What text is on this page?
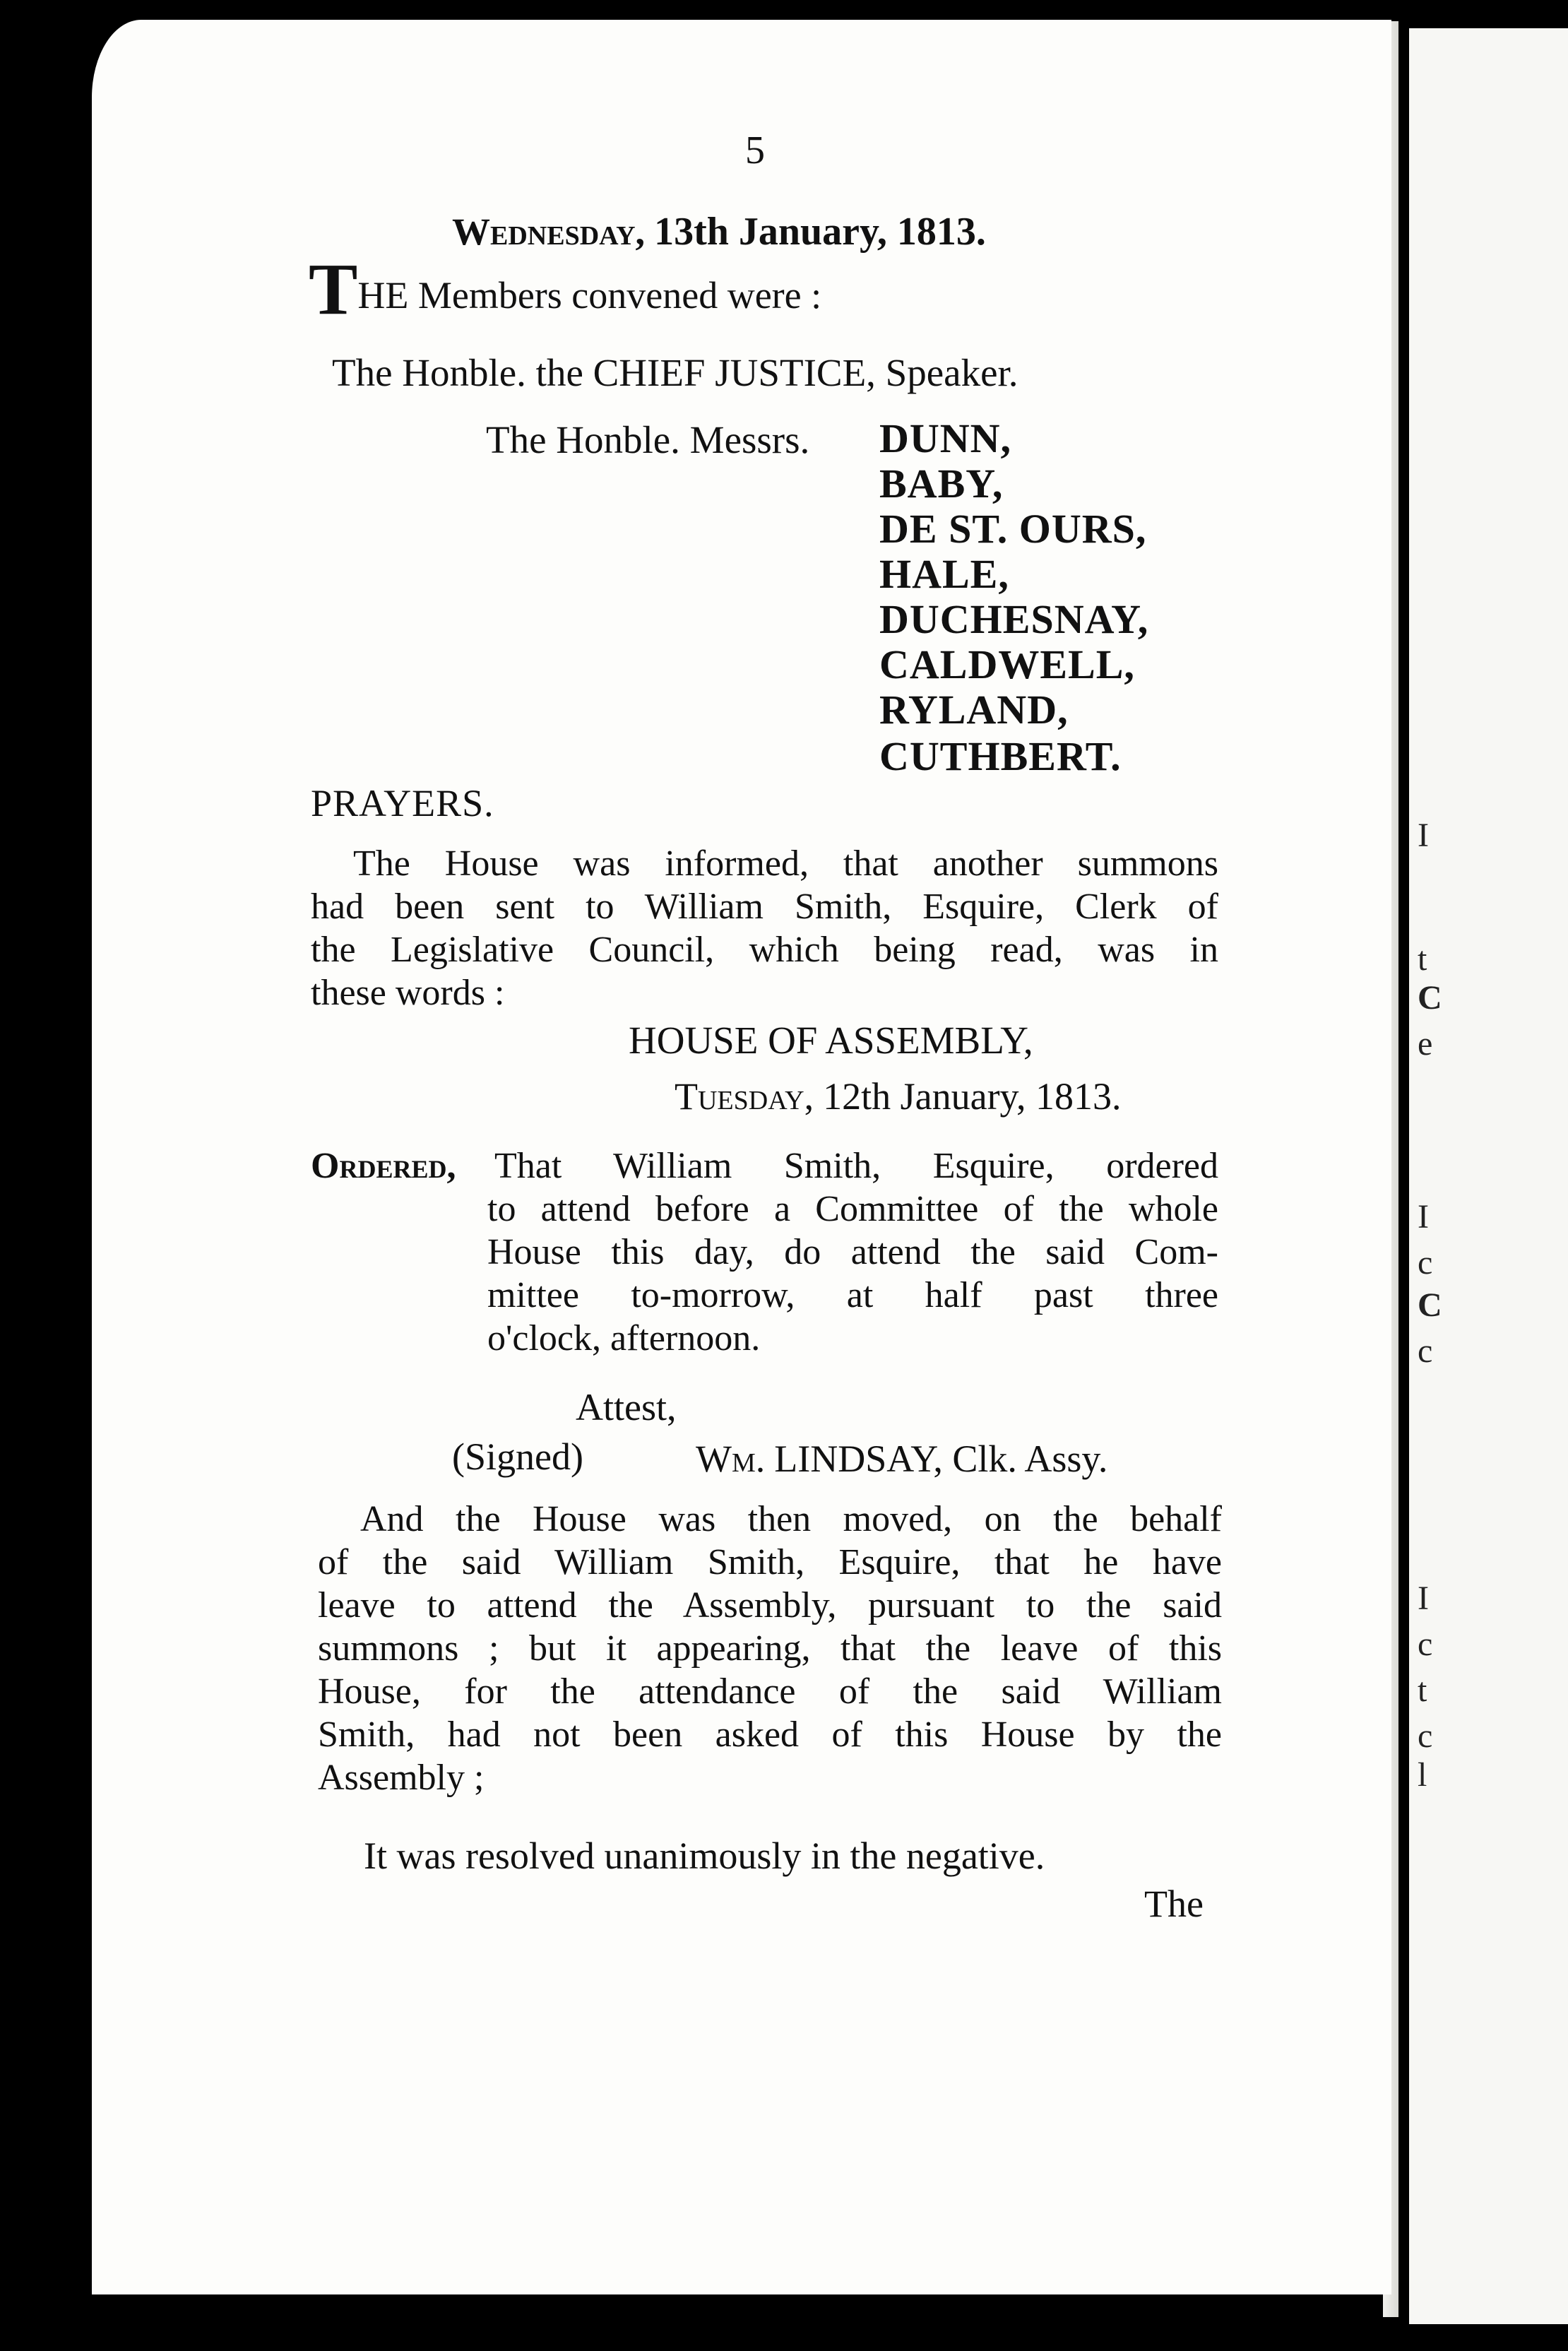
I
t
C
e
I
c
C
c
I
c
t
c
l
5
Wednesday, 13th January, 1813.
THE Members convened were :
The Honble. the CHIEF JUSTICE, Speaker.
The Honble. Messrs. DUNN,
BABY,
DE ST. OURS,
HALE,
DUCHESNAY,
CALDWELL,
RYLAND,
CUTHBERT.
PRAYERS.
The House was informed, that another summons
had been sent to William Smith, Esquire, Clerk of
the Legislative Council, which being read, was in
these words :
HOUSE OF ASSEMBLY,
Tuesday, 12th January, 1813.
Ordered, That William Smith, Esquire, ordered
to attend before a Committee of the whole
House this day, do attend the said Com-
mittee to-morrow, at half past three
o'clock, afternoon.
Attest,
(Signed)	Wm. LINDSAY, Clk. Assy.
And the House was then moved, on the behalf
of the said William Smith, Esquire, that he have
leave to attend the Assembly, pursuant to the said
summons ; but it appearing, that the leave of this
House, for the attendance of the said William
Smith, had not been asked of this House by the
Assembly ;
It was resolved unanimously in the negative.
The
